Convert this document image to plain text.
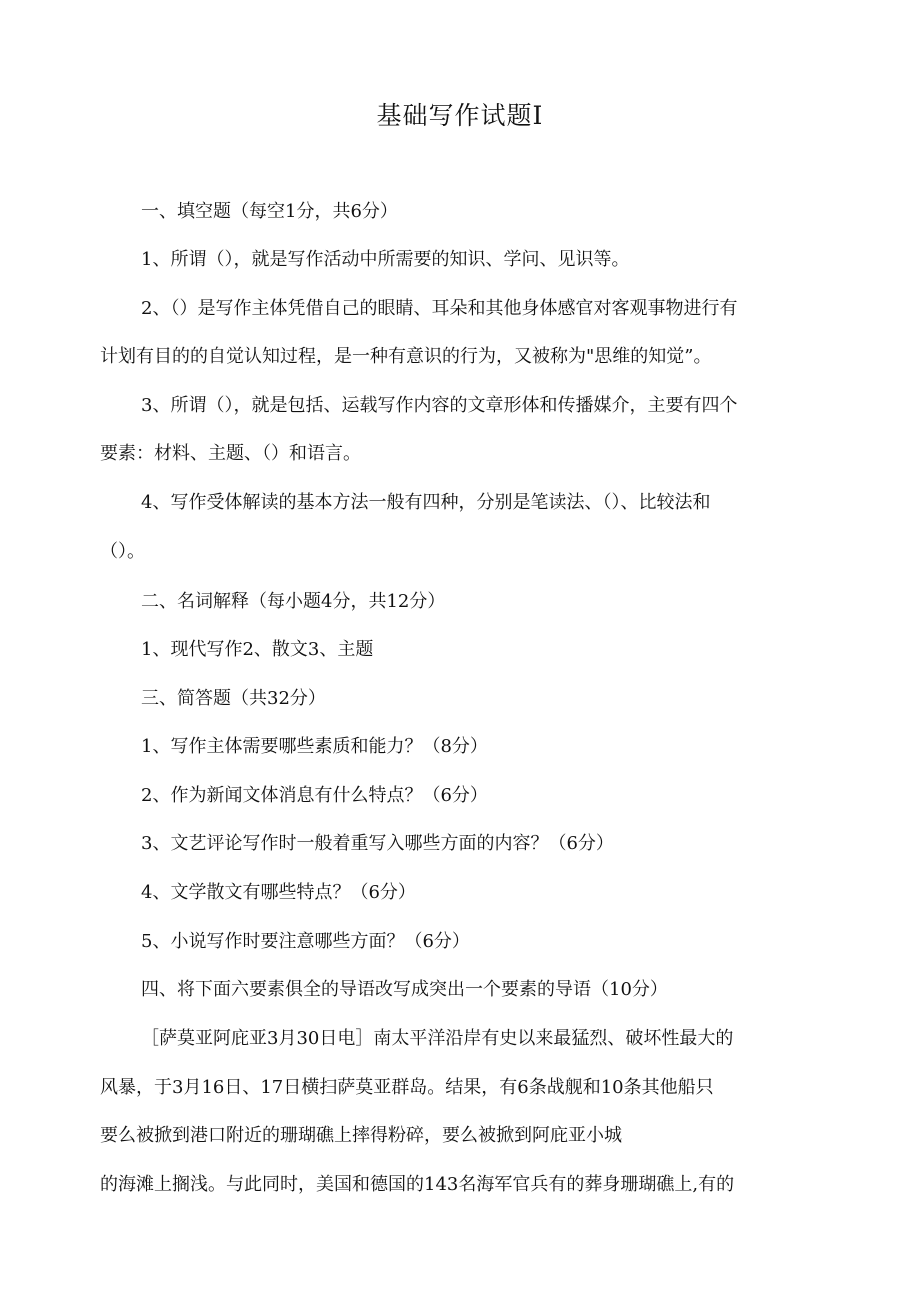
基础写作试题Ⅰ
一、填空题（每空1分，共6分）
1、所谓（），就是写作活动中所需要的知识、学问、见识等。
2、（）是写作主体凭借自己的眼睛、耳朵和其他身体感官对客观事物进行有
计划有目的的自觉认知过程，是一种有意识的行为，又被称为"思维的知觉”。
3、所谓（），就是包括、运载写作内容的文章形体和传播媒介，主要有四个
要素：材料、主题、（）和语言。
4、写作受体解读的基本方法一般有四种，分别是笔读法、（）、比较法和
（）。
二、名词解释（每小题4分，共12分）
1、现代写作2、散文3、主题
三、简答题（共32分）
1、写作主体需要哪些素质和能力？（8分）
2、作为新闻文体消息有什么特点？（6分）
3、文艺评论写作时一般着重写入哪些方面的内容？（6分）
4、文学散文有哪些特点？（6分）
5、小说写作时要注意哪些方面？（6分）
四、将下面六要素俱全的导语改写成突出一个要素的导语（10分）
［萨莫亚阿庇亚3月30日电］南太平洋沿岸有史以来最猛烈、破坏性最大的
风暴，于3月16日、17日横扫萨莫亚群岛。结果，有6条战舰和10条其他船只
要么被掀到港口附近的珊瑚礁上摔得粉碎，要么被掀到阿庇亚小城
的海滩上搁浅。与此同时，美国和德国的143名海军官兵有的葬身珊瑚礁上,有的
